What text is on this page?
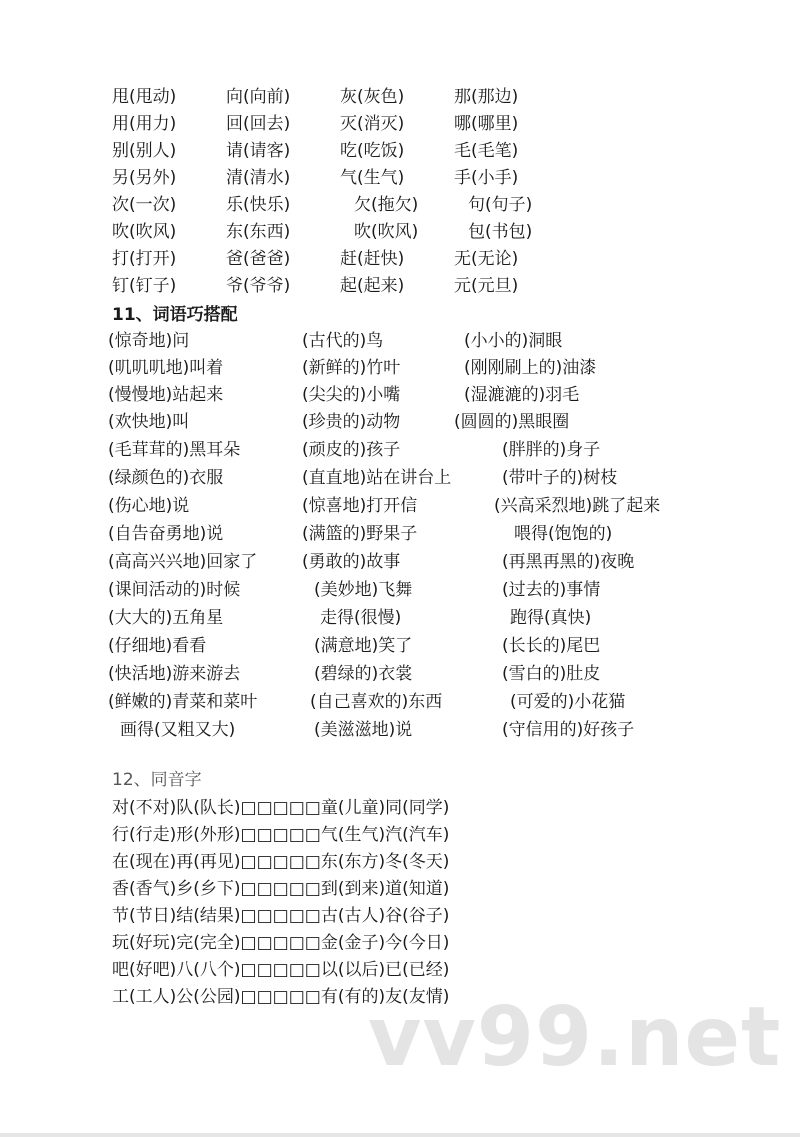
甩(甩动)	向(向前)	灰(灰色)	那(那边)
用(用力)	回(回去)	灭(消灭)	哪(哪里)
别(别人)	请(请客)	吃(吃饭)	毛(毛笔)
另(另外)	清(清水)	气(生气)	手(小手)
次(一次)	乐(快乐)	欠(拖欠)	句(句子)
吹(吹风)	东(东西)	吹(吹风)	包(书包)
打(打开)	爸(爸爸)	赶(赶快)	无(无论)
钉(钉子)	爷(爷爷)	起(起来)	元(元旦)
11、词语巧搭配
(惊奇地)问	(古代的)鸟	(小小的)洞眼
(叽叽叽地)叫着	(新鲜的)竹叶	(刚刚刷上的)油漆
(慢慢地)站起来	(尖尖的)小嘴	(湿漉漉的)羽毛
(欢快地)叫	(珍贵的)动物	(圆圆的)黑眼圈
(毛茸茸的)黑耳朵	(顽皮的)孩子	(胖胖的)身子
(绿颜色的)衣服	(直直地)站在讲台上	(带叶子的)树枝
(伤心地)说	(惊喜地)打开信	(兴高采烈地)跳了起来
(自告奋勇地)说	(满篮的)野果子	喂得(饱饱的)
(高高兴兴地)回家了	(勇敢的)故事	(再黑再黑的)夜晚
(课间活动的)时候	(美妙地)飞舞	(过去的)事情
(大大的)五角星	走得(很慢)	跑得(真快)
(仔细地)看看	(满意地)笑了	(长长的)尾巴
(快活地)游来游去	(碧绿的)衣裳	(雪白的)肚皮
(鲜嫩的)青菜和菜叶	(自己喜欢的)东西	(可爱的)小花猫
画得(又粗又大)	(美滋滋地)说	(守信用的)好孩子
12、同音字
对(不对)队(队长)□□□□□童(儿童)同(同学)
行(行走)形(外形)□□□□□气(生气)汽(汽车)
在(现在)再(再见)□□□□□东(东方)冬(冬天)
香(香气)乡(乡下)□□□□□到(到来)道(知道)
节(节日)结(结果)□□□□□古(古人)谷(谷子)
玩(好玩)完(完全)□□□□□金(金子)今(今日)
吧(好吧)八(八个)□□□□□以(以后)已(已经)
工(工人)公(公园)□□□□□有(有的)友(友情)
vv99.net
